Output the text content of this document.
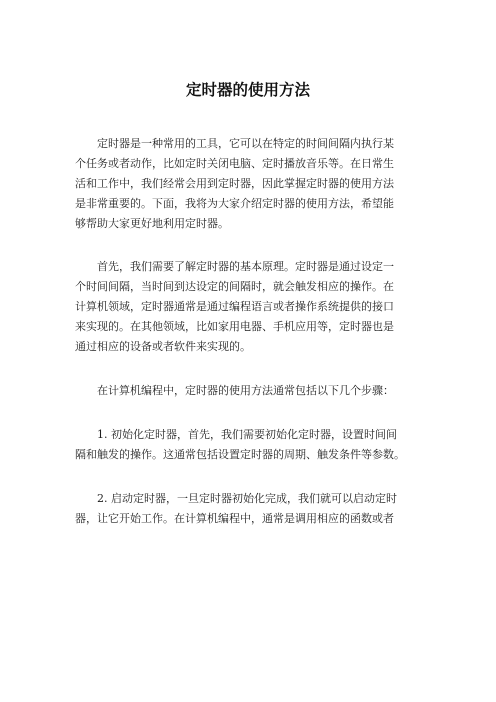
定时器的使用方法

定时器是一种常用的工具，它可以在特定的时间间隔内执行某

个任务或者动作，比如定时关闭电脑、定时播放音乐等。在日常生

活和工作中，我们经常会用到定时器，因此掌握定时器的使用方法

是非常重要的。下面，我将为大家介绍定时器的使用方法，希望能

够帮助大家更好地利用定时器。

首先，我们需要了解定时器的基本原理。定时器是通过设定一

个时间间隔，当时间到达设定的间隔时，就会触发相应的操作。在

计算机领域，定时器通常是通过编程语言或者操作系统提供的接口

来实现的。在其他领域，比如家用电器、手机应用等，定时器也是

通过相应的设备或者软件来实现的。

在计算机编程中，定时器的使用方法通常包括以下几个步骤：

1. 初始化定时器，首先，我们需要初始化定时器，设置时间间

隔和触发的操作。这通常包括设置定时器的周期、触发条件等参数。

2. 启动定时器，一旦定时器初始化完成，我们就可以启动定时

器，让它开始工作。在计算机编程中，通常是调用相应的函数或者
